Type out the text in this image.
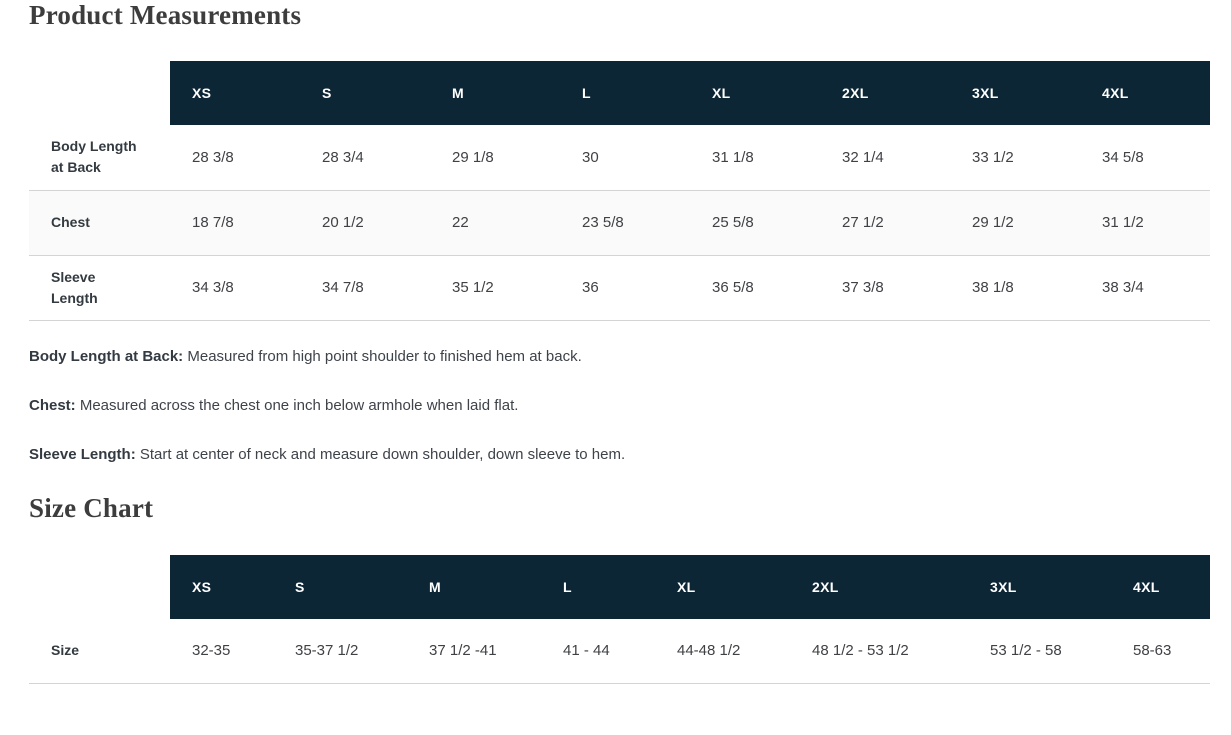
Product Measurements
	XS	S	M	L	XL	2XL	3XL	4XL
Body Length at Back	28 3/8	28 3/4	29 1/8	30	31 1/8	32 1/4	33 1/2	34 5/8
Chest	18 7/8	20 1/2	22	23 5/8	25 5/8	27 1/2	29 1/2	31 1/2
Sleeve Length	34 3/8	34 7/8	35 1/2	36	36 5/8	37 3/8	38 1/8	38 3/4

Body Length at Back: Measured from high point shoulder to finished hem at back.

Chest: Measured across the chest one inch below armhole when laid flat.

Sleeve Length: Start at center of neck and measure down shoulder, down sleeve to hem.

Size Chart
	XS	S	M	L	XL	2XL	3XL	4XL
Size	32-35	35-37 1/2	37 1/2 -41	41 - 44	44-48 1/2	48 1/2 - 53 1/2	53 1/2 - 58	58-63
